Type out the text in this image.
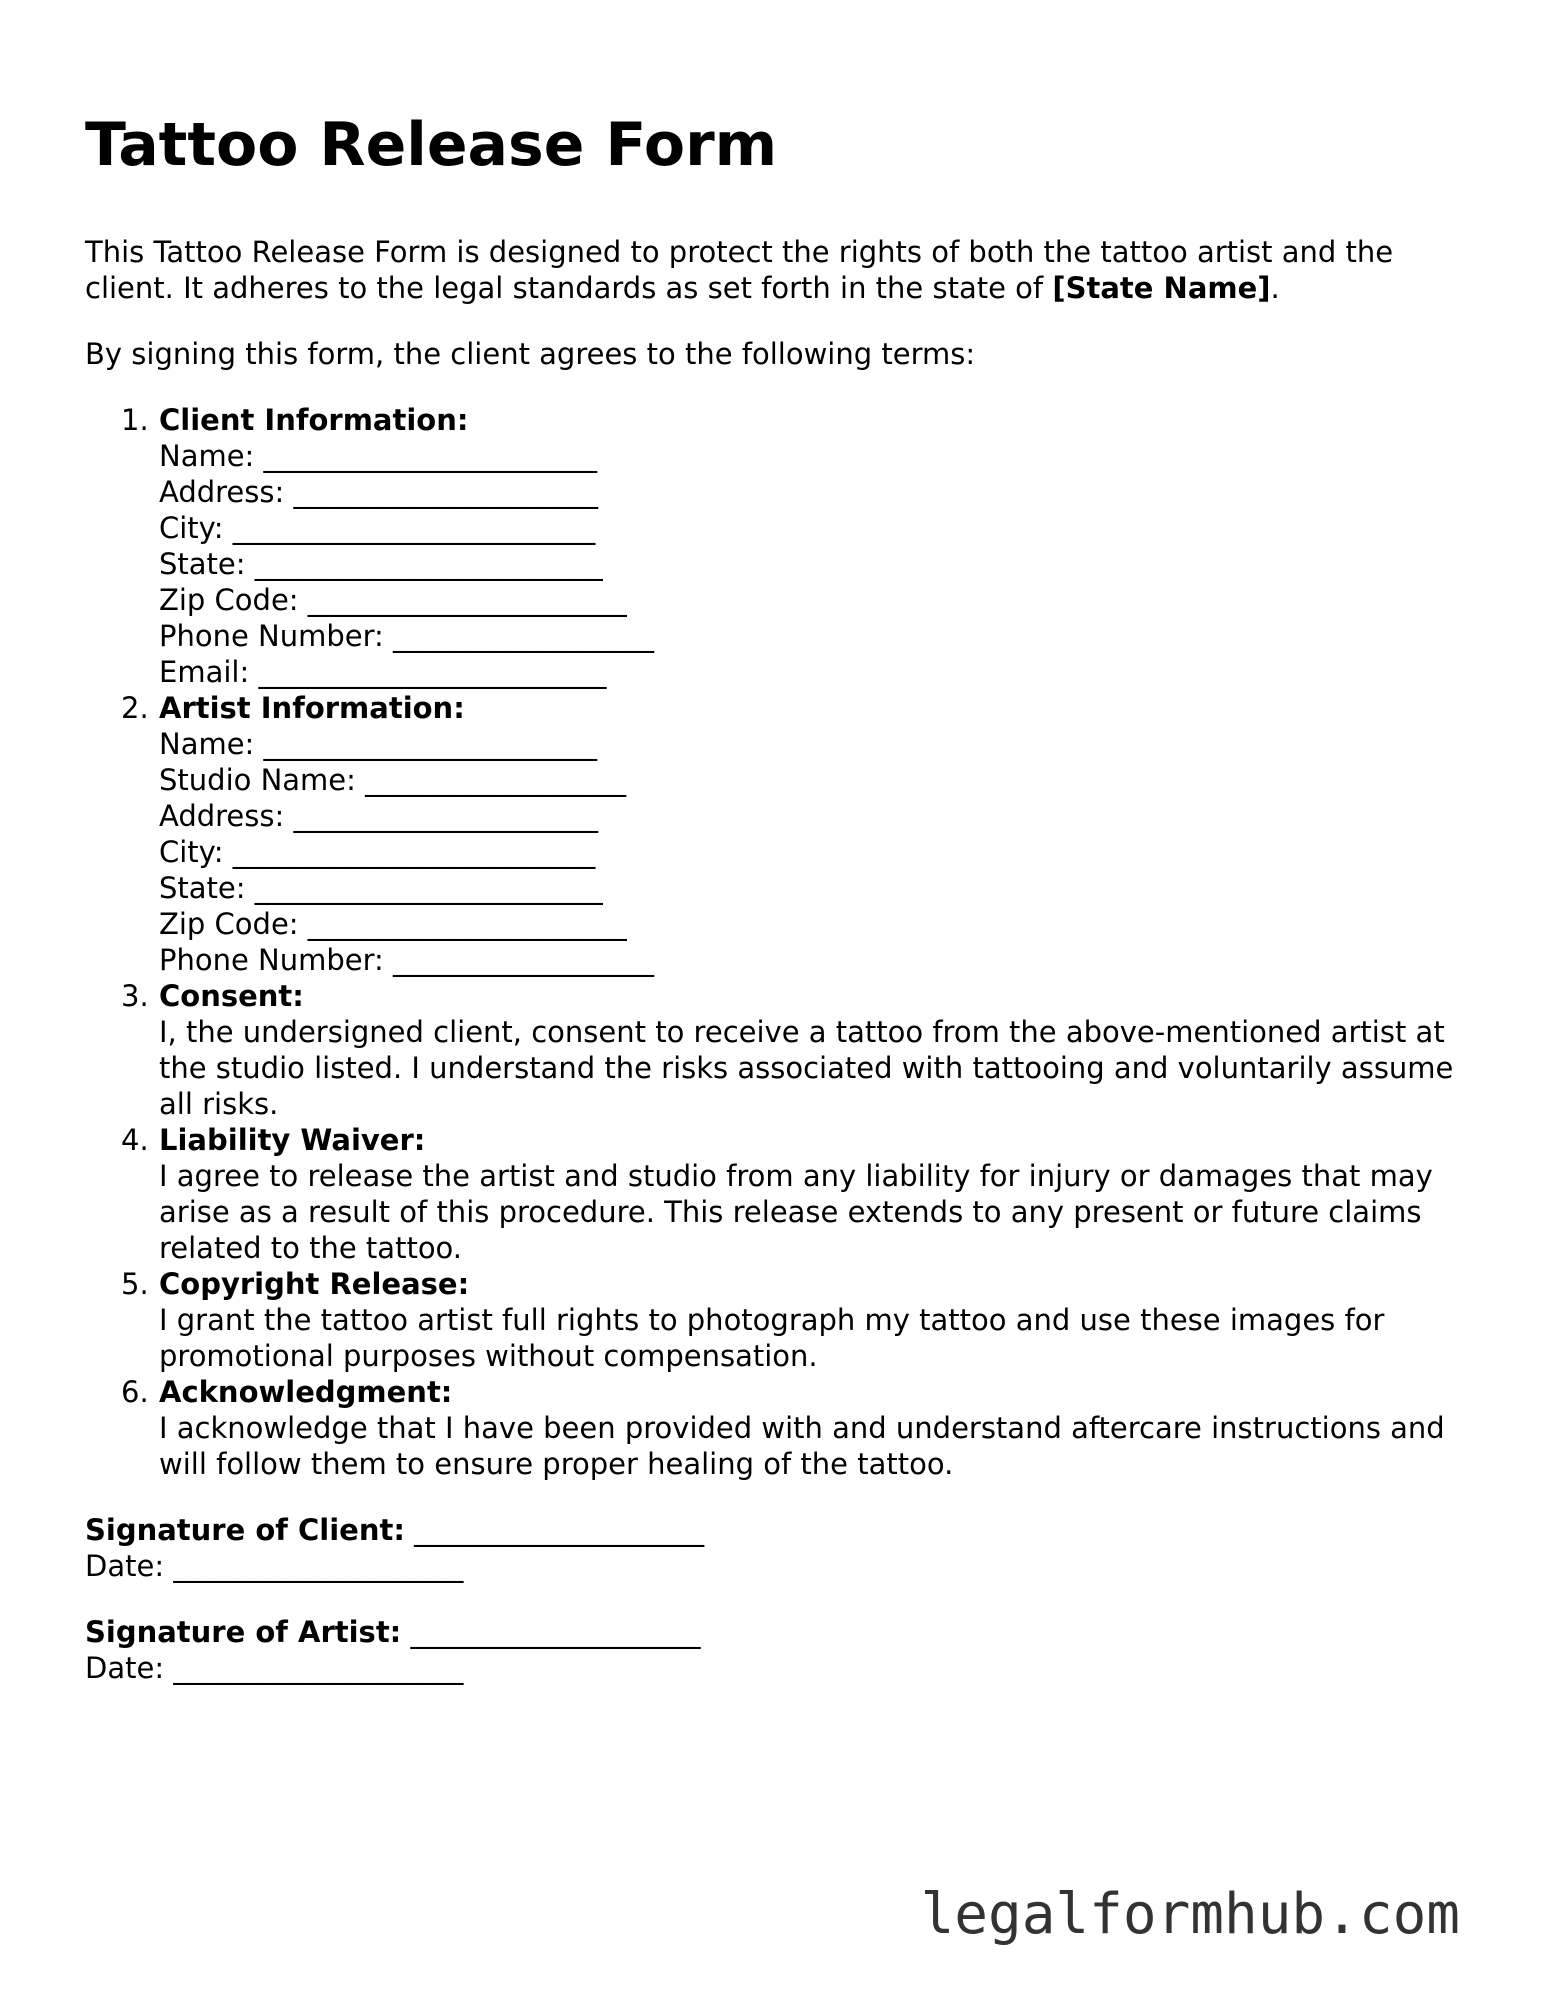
Tattoo Release Form

This Tattoo Release Form is designed to protect the rights of both the tattoo artist and the client. It adheres to the legal standards as set forth in the state of [State Name].

By signing this form, the client agrees to the following terms:

1. Client Information:
Name: _______________________
Address: _____________________
City: _________________________
State: ________________________
Zip Code: ______________________
Phone Number: __________________
Email: ________________________
2. Artist Information:
Name: _______________________
Studio Name: __________________
Address: _____________________
City: _________________________
State: ________________________
Zip Code: ______________________
Phone Number: __________________
3. Consent:
I, the undersigned client, consent to receive a tattoo from the above-mentioned artist at the studio listed. I understand the risks associated with tattooing and voluntarily assume all risks.
4. Liability Waiver:
I agree to release the artist and studio from any liability for injury or damages that may arise as a result of this procedure. This release extends to any present or future claims related to the tattoo.
5. Copyright Release:
I grant the tattoo artist full rights to photograph my tattoo and use these images for promotional purposes without compensation.
6. Acknowledgment:
I acknowledge that I have been provided with and understand aftercare instructions and will follow them to ensure proper healing of the tattoo.
Signature of Client: ____________________
Date: ____________________
Signature of Artist: ____________________
Date: ____________________
legalformhub.com
